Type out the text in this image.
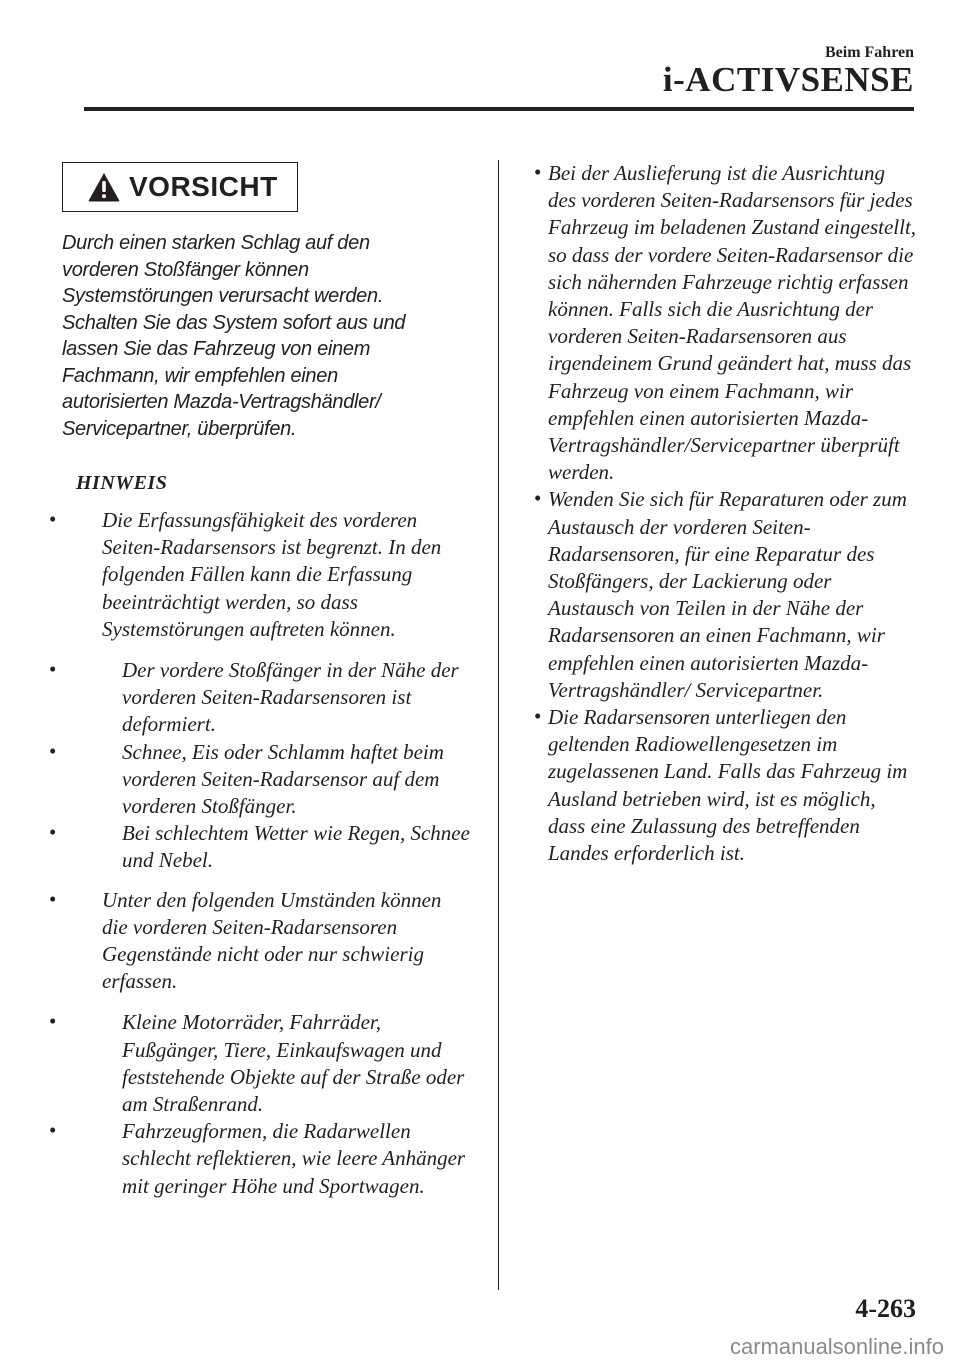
Beim Fahren
i-ACTIVSENSE
VORSICHT
Durch einen starken Schlag auf den vorderen Stoßfänger können Systemstörungen verursacht werden. Schalten Sie das System sofort aus und lassen Sie das Fahrzeug von einem Fachmann, wir empfehlen einen autorisierten Mazda-Vertragshändler/ Servicepartner, überprüfen.
HINWEIS
• Die Erfassungsfähigkeit des vorderen Seiten-Radarsensors ist begrenzt. In den folgenden Fällen kann die Erfassung beeinträchtigt werden, so dass Systemstörungen auftreten können.
•	Der vordere Stoßfänger in der Nähe der vorderen Seiten-Radarsensoren ist deformiert.
•	Schnee, Eis oder Schlamm haftet beim vorderen Seiten-Radarsensor auf dem vorderen Stoßfänger.
•	Bei schlechtem Wetter wie Regen, Schnee und Nebel.
• Unter den folgenden Umständen können die vorderen Seiten-Radarsensoren Gegenstände nicht oder nur schwierig erfassen.
•	Kleine Motorräder, Fahrräder, Fußgänger, Tiere, Einkaufswagen und feststehende Objekte auf der Straße oder am Straßenrand.
•	Fahrzeugformen, die Radarwellen schlecht reflektieren, wie leere Anhänger mit geringer Höhe und Sportwagen.
• Bei der Auslieferung ist die Ausrichtung des vorderen Seiten-Radarsensors für jedes Fahrzeug im beladenen Zustand eingestellt, so dass der vordere Seiten-Radarsensor die sich nähernden Fahrzeuge richtig erfassen können. Falls sich die Ausrichtung der vorderen Seiten-Radarsensoren aus irgendeinem Grund geändert hat, muss das Fahrzeug von einem Fachmann, wir empfehlen einen autorisierten Mazda-Vertragshändler/Servicepartner überprüft werden.
• Wenden Sie sich für Reparaturen oder zum Austausch der vorderen Seiten-Radarsensoren, für eine Reparatur des Stoßfängers, der Lackierung oder Austausch von Teilen in der Nähe der Radarsensoren an einen Fachmann, wir empfehlen einen autorisierten Mazda-Vertragshändler/ Servicepartner.
• Die Radarsensoren unterliegen den geltenden Radiowellengesetzen im zugelassenen Land. Falls das Fahrzeug im Ausland betrieben wird, ist es möglich, dass eine Zulassung des betreffenden Landes erforderlich ist.
4-263
carmanualsonline.info
